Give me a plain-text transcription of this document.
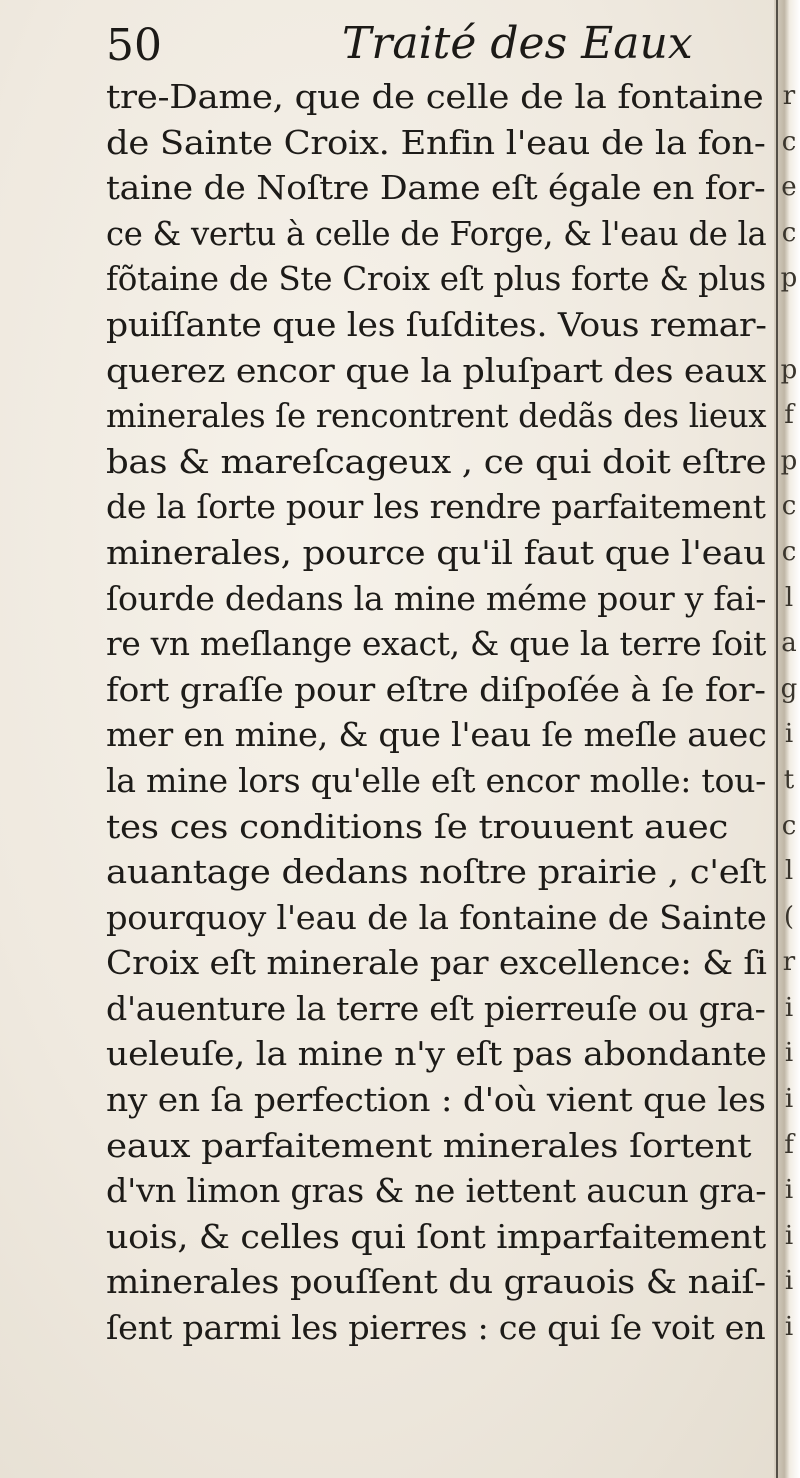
50	Traité des Eaux
tre-Dame, que de celle de la fontaine
de Sainte Croix. Enfin l'eau de la fon-
taine de Noſtre Dame eſt égale en for-
ce & vertu à celle de Forge, & l'eau de la
fõtaine de Ste Croix eſt plus forte & plus
puiſſante que les ſuſdites. Vous remar-
querez encor que la pluſpart des eaux
minerales ſe rencontrent dedãs des lieux
bas & mareſcageux , ce qui doit eſtre
de la ſorte pour les rendre parfaitement
minerales, pource qu'il faut que l'eau
ſourde dedans la mine méme pour y fai-
re vn meſlange exact, & que la terre ſoit
fort graſſe pour eſtre diſpoſée à ſe for-
mer en mine, & que l'eau ſe meſle auec
la mine lors qu'elle eſt encor molle: tou-
tes ces conditions ſe trouuent auec
auantage dedans noſtre prairie , c'eſt
pourquoy l'eau de la fontaine de Sainte
Croix eſt minerale par excellence: & ſi
d'auenture la terre eſt pierreuſe ou gra-
ueleuſe, la mine n'y eſt pas abondante
ny en ſa perfection : d'où vient que les
eaux parfaitement minerales ſortent
d'vn limon gras & ne iettent aucun gra-
uois, & celles qui ſont imparfaitement
minerales pouſſent du grauois & naiſ-
ſent parmi les pierres : ce qui ſe voit en
r
c
e
c
p
p
f
p
c
c
l
a
g
i
t
c
l
(
r
i
i
i
f
i
i
i
i
